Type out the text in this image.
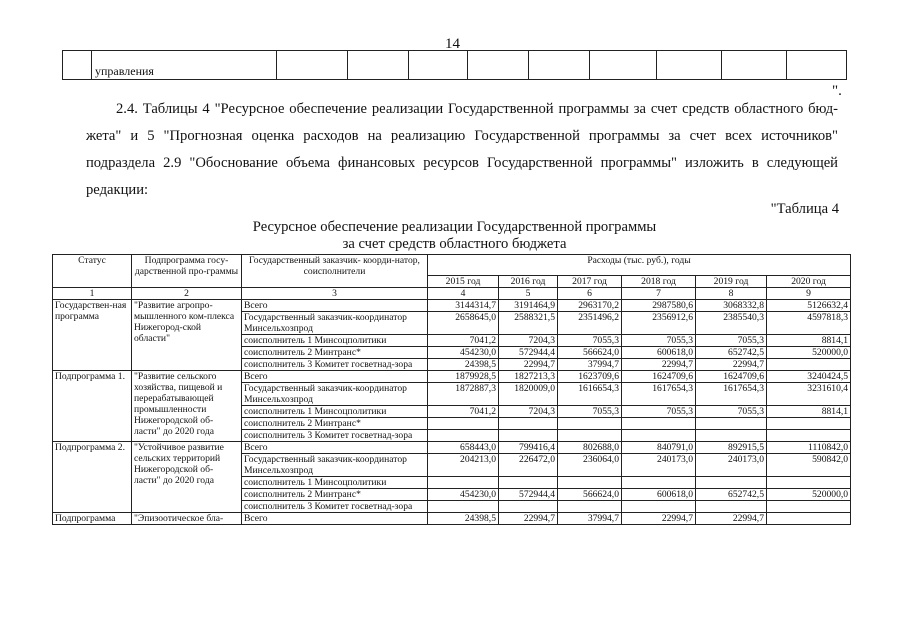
14
	управления									
".
2.4. Таблицы 4 "Ресурсное обеспечение реализации Государственной программы за счет средств областного бюд-
жета" и 5 "Прогнозная оценка расходов на реализацию Государственной программы за счет всех источников"
подраздела 2.9 "Обоснование объема финансовых ресурсов Государственной программы" изложить в следующей
редакции:
"Таблица 4
Ресурсное обеспечение реализации Государственной программы
за счет средств областного бюджета
Статус	Подпрограмма госу-дарственной про-граммы	Государственный заказчик- коорди-натор, соисполнители	Расходы (тыс. руб.), годы					
			2015 год	2016 год	2017 год	2018 год	2019 год	2020 год
1	2	3	4	5	6	7	8	9
Государствен-ная программа	"Развитие агропро-мышленного ком-плекса Нижегород-ской области"	Всего	3144314,7	3191464,9	2963170,2	2987580,6	3068332,8	5126632,4
		Государственный заказчик-координатор Минсельхозпрод	2658645,0	2588321,5	2351496,2	2356912,6	2385540,3	4597818,3
		соисполнитель 1 Минсоцполитики	7041,2	7204,3	7055,3	7055,3	7055,3	8814,1
		соисполнитель 2 Минтранс*	454230,0	572944,4	566624,0	600618,0	652742,5	520000,0
		соисполнитель 3 Комитет госветнад-зора	24398,5	22994,7	37994,7	22994,7	22994,7	
Подпрограмма 1.	"Развитие сельского хозяйства, пищевой и перерабатывающей промышленности Нижегородской об-ласти" до 2020 года	Всего	1879928,5	1827213,3	1623709,6	1624709,6	1624709,6	3240424,5
		Государственный заказчик-координатор Минсельхозпрод	1872887,3	1820009,0	1616654,3	1617654,3	1617654,3	3231610,4
		соисполнитель 1 Минсоцполитики	7041,2	7204,3	7055,3	7055,3	7055,3	8814,1
		соисполнитель 2 Минтранс*						
		соисполнитель 3 Комитет госветнад-зора						
Подпрограмма 2.	"Устойчивое развитие сельских территорий Нижегородской об-ласти" до 2020 года	Всего	658443,0	799416,4	802688,0	840791,0	892915,5	1110842,0
		Государственный заказчик-координатор Минсельхозпрод	204213,0	226472,0	236064,0	240173,0	240173,0	590842,0
		соисполнитель 1 Минсоцполитики						
		соисполнитель 2 Минтранс*	454230,0	572944,4	566624,0	600618,0	652742,5	520000,0
		соисполнитель 3 Комитет госветнад-зора						
Подпрограмма	"Эпизоотическое бла-	Всего	24398,5	22994,7	37994,7	22994,7	22994,7	
